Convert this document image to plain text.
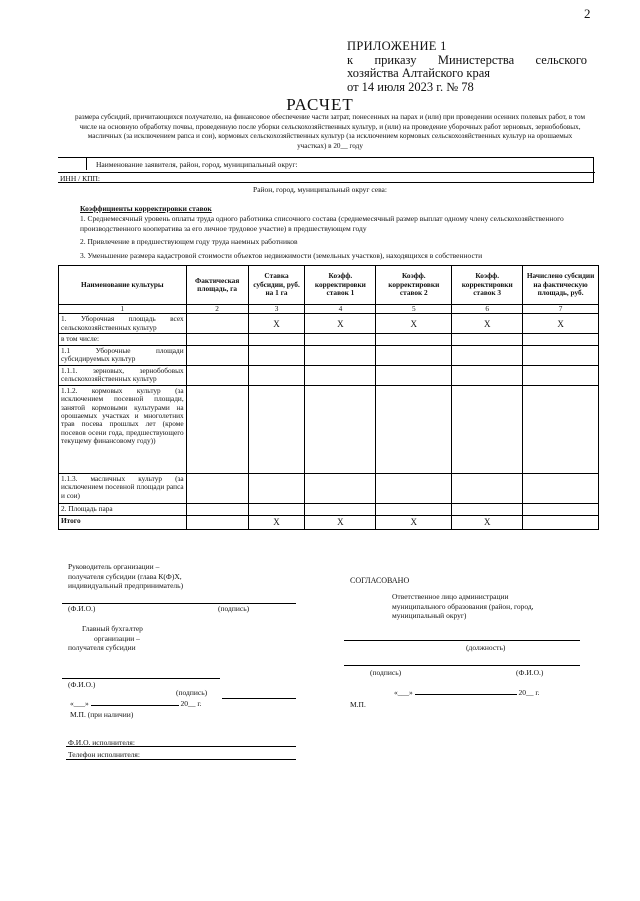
2
ПРИЛОЖЕНИЕ 1
к приказу Министерства сельского
хозяйства Алтайского края
от 14 июля 2023 г. № 78
РАСЧЕТ
размера субсидий, причитающихся получателю, на финансовое обеспечение части затрат, понесенных на парах и (или) при проведении осенних полевых работ, в том числе на основную обработку почвы, проведенную после уборки сельскохозяйственных культур, и (или) на проведение уборочных работ зерновых, зернобобовых, масличных (за исключением рапса и сои), кормовых сельскохозяйственных культур (за исключением кормовых сельскохозяйственных культур на орошаемых участках) в 20__ году
Наименование заявителя, район, город, муниципальный округ:
ИНН / КПП:
Район, город, муниципальный округ сева:

Коэффициенты корректировки ставок

1. Среднемесячный уровень оплаты труда одного работника списочного состава (среднемесячный размер выплат одному члену сельскохозяйственного производственного кооператива за его личное трудовое участие) в предшествующем году

2. Привлечение в предшествующем году труда наемных работников

3. Уменьшение размера кадастровой стоимости объектов недвижимости (земельных участков), находящихся в собственности

Наименование культуры	Фактическая площадь, га	Ставка субсидии, руб. на 1 га	Коэфф. корректировки ставок 1	Коэфф. корректировки ставок 2	Коэфф. корректировки ставок 3	Начислено субсидии на фактическую площадь, руб.
1	2	3	4	5	6	7
1. Уборочная площадь всех сельскохозяйственных культур		X	X	X	X	X
в том числе:						
1.1 Уборочные площади субсидируемых культур						
1.1.1. зерновых, зернобобовых сельскохозяйственных культур						
1.1.2. кормовых культур (за исключением посевной площади, занятой кормовыми культурами на орошаемых участках и многолетних трав посева прошлых лет (кроме посевов осени года, предшествующего текущему финансовому году))						
1.1.3. масличных культур (за исключением посевной площади рапса и сои)						
2. Площадь пара						
Итого		X	X	X	X	
Руководитель организации –
получателя субсидии (глава К(Ф)Х,
индивидуальный предприниматель)
(Ф.И.О.)	(подпись)
Главный бухгалтер
организации –
получателя субсидии
(Ф.И.О.)
(подпись)
«___»	20__ г.
М.П. (при наличии)
Ф.И.О. исполнителя:
Телефон исполнителя:
СОГЛАСОВАНО
Ответственное лицо администрации
муниципального образования (район, город,
муниципальный округ)
(должность)
(подпись)	(Ф.И.О.)
«___»	20__ г.
М.П.
